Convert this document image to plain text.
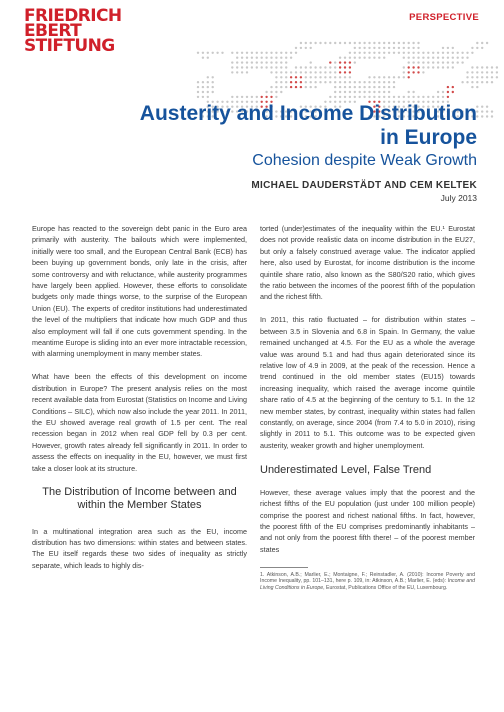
FRIEDRICH
EBERT
STIFTUNG
PERSPECTIVE
Austerity and Income Distribution
in Europe
Cohesion despite Weak Growth
MICHAEL DAUDERSTÄDT AND CEM KELTEK
July 2013

Europe has reacted to the sovereign debt panic in the Euro area primarily with austerity. The bailouts which were implemented, initially were too small, and the European Central Bank (ECB) has been buying up government bonds, only late in the crisis, after some controversy and with reluctance, while austerity programmes have largely been applied. However, these efforts to consolidate budgets only made things worse, to the surprise of the European Union (EU). The experts of creditor institutions had underestimated the level of the multipliers that indicate how much GDP and thus also employment will fall if one cuts government spending. In the meantime Europe is sliding into an ever more intractable recession, with alarming unemployment in many member states.

What have been the effects of this development on income distribution in Europe? The present analysis relies on the most recent available data from Eurostat (Statistics on Income and Living Conditions – SILC), which now also include the year 2011. In 2011, the EU showed average real growth of 1.5 per cent. The real recession began in 2012 when real GDP fell by 0.3 per cent. However, growth rates already fell significantly in 2011. In order to assess the effects on inequality in the EU, however, we must first take a closer look at its structure.

The Distribution of Income between and within the Member States

In a multinational integration area such as the EU, income distribution has two dimensions: within states and between states. The EU itself regards these two sides of inequality as strictly separate, which leads to highly dis-

torted (under)estimates of the inequality within the EU.¹ Eurostat does not provide realistic data on income distribution in the EU27, but only a falsely construed average value. The indicator applied here, also used by Eurostat, for income distribution is the income quintile share ratio, also known as the S80/S20 ratio, which gives the ratio between the incomes of the poorest fifth of the population and the richest fifth.

In 2011, this ratio fluctuated – for distribution within states – between 3.5 in Slovenia and 6.8 in Spain. In Germany, the value remained unchanged at 4.5. For the EU as a whole the average value was around 5.1 and had thus again deteriorated since its relative low of 4.9 in 2009, at the peak of the recession. Hence a trend continued in the old member states (EU15) towards increasing inequality, which raised the average income quintile share ratio of 4.5 at the beginning of the century to 5.1. In the 12 new member states, by contrast, inequality within states had fallen constantly, on average, since 2004 (from 7.4 to 5.0 in 2010), rising slightly in 2011 to 5.1. This outcome was to be expected given austerity, weaker growth and higher unemployment.

Underestimated Level, False Trend

However, these average values imply that the poorest and the richest fifths of the EU population (just under 100 million people) comprise the poorest and richest national fifths. In fact, however, the poorest fifth of the EU comprises predominantly inhabitants – and not only from the poorest fifth there! – of the poorest member states

1. Atkinson, A.B.; Marlier, E.; Montaigne, F.; Reinstadler, A. (2010): Income Poverty and Income Inequality, pp. 101–131, here p. 109, in: Atkinson, A.B.; Marlier, E. (eds): Income and Living Conditions in Europe, Eurostat, Publications Office of the EU, Luxembourg.
